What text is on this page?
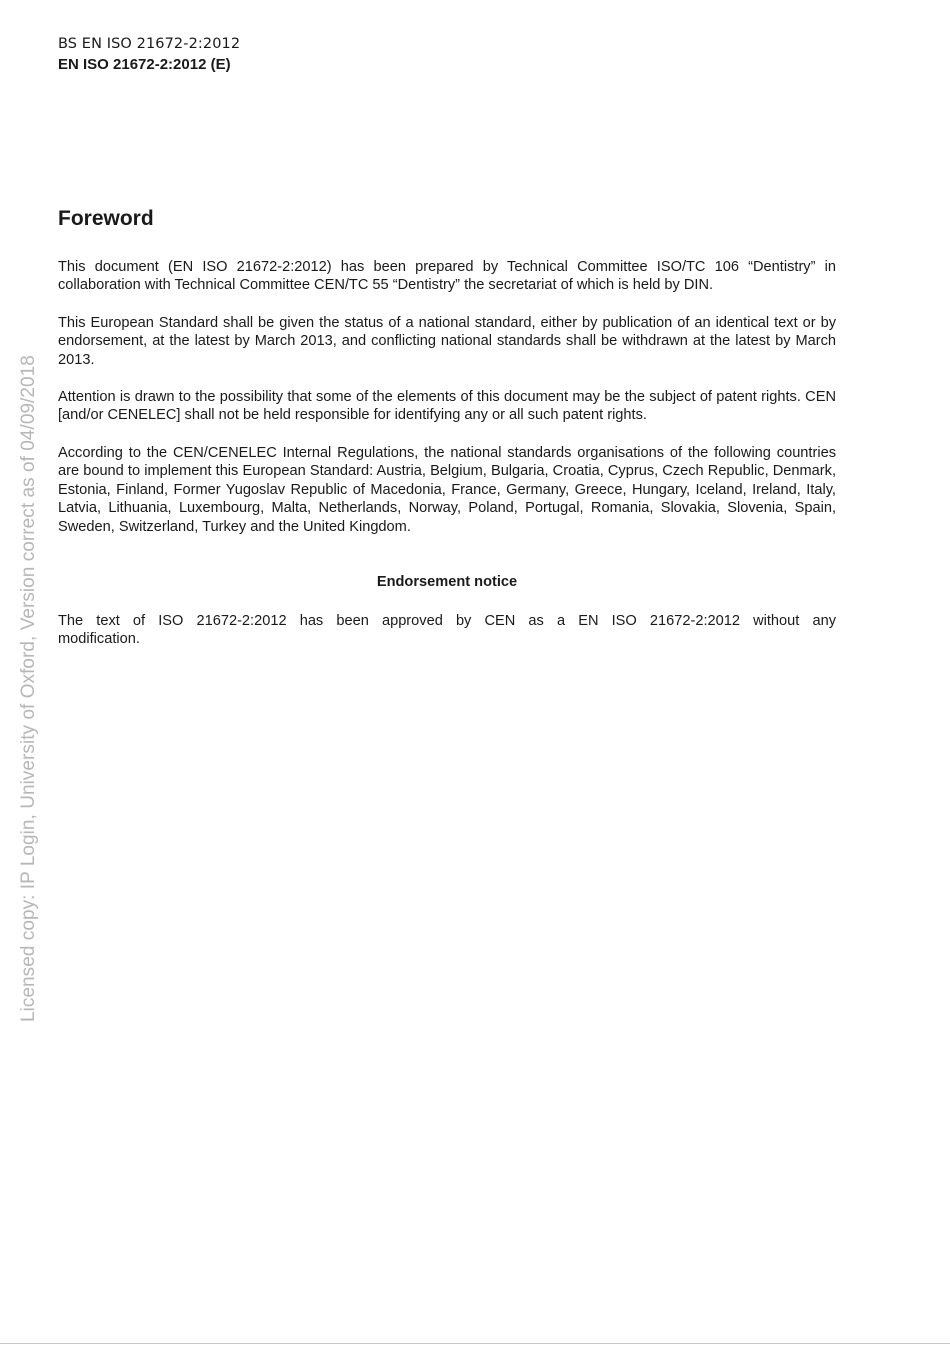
BS EN ISO 21672-2:2012
EN ISO 21672-2:2012 (E)
Foreword

This document (EN ISO 21672-2:2012) has been prepared by Technical Committee ISO/TC 106 “Dentistry” in collaboration with Technical Committee CEN/TC 55 “Dentistry” the secretariat of which is held by DIN.

This European Standard shall be given the status of a national standard, either by publication of an identical text or by endorsement, at the latest by March 2013, and conflicting national standards shall be withdrawn at the latest by March 2013.

Attention is drawn to the possibility that some of the elements of this document may be the subject of patent rights. CEN [and/or CENELEC] shall not be held responsible for identifying any or all such patent rights.

According to the CEN/CENELEC Internal Regulations, the national standards organisations of the following countries are bound to implement this European Standard: Austria, Belgium, Bulgaria, Croatia, Cyprus, Czech Republic, Denmark, Estonia, Finland, Former Yugoslav Republic of Macedonia, France, Germany, Greece, Hungary, Iceland, Ireland, Italy, Latvia, Lithuania, Luxembourg, Malta, Netherlands, Norway, Poland, Portugal, Romania, Slovakia, Slovenia, Spain, Sweden, Switzerland, Turkey and the United Kingdom.

Endorsement notice

The text of ISO 21672-2:2012 has been approved by CEN as a EN ISO 21672-2:2012 without any
modification.

Licensed copy: IP Login, University of Oxford, Version correct as of 04/09/2018
